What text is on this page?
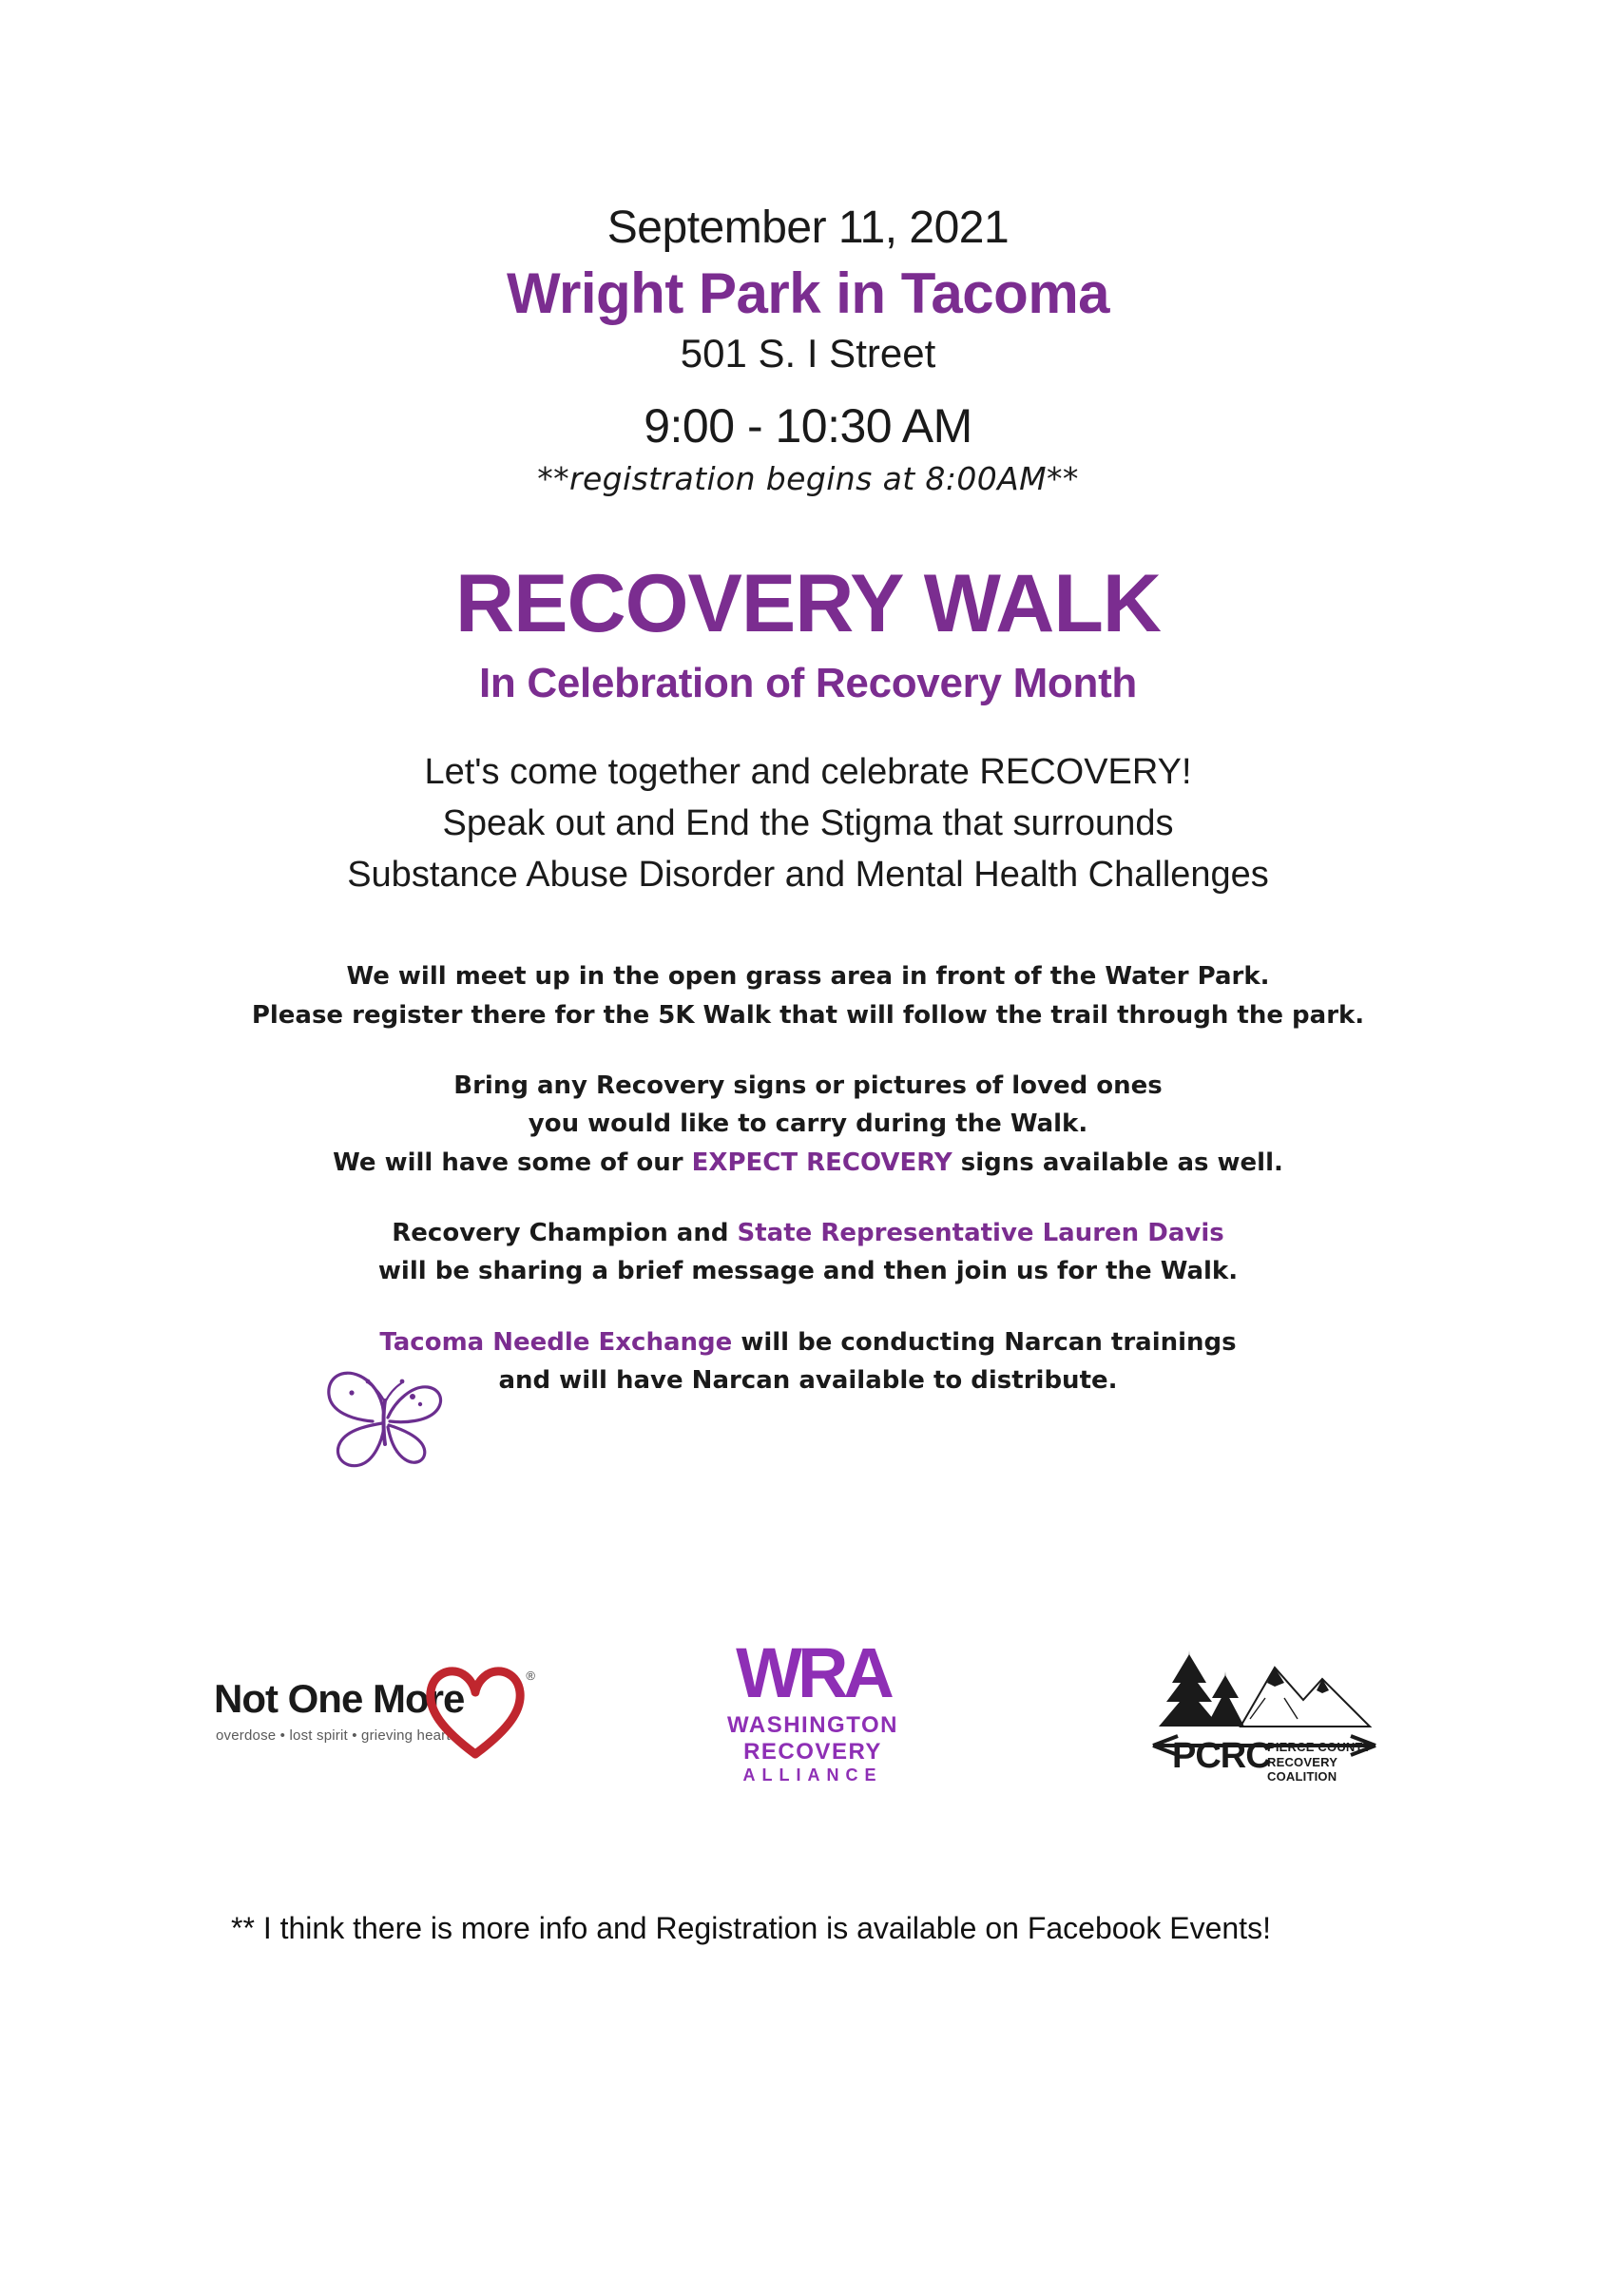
September 11, 2021
Wright Park in Tacoma
501 S. I Street
9:00 - 10:30 AM
**registration begins at 8:00AM**
RECOVERY WALK
In Celebration of Recovery Month
Let's come together and celebrate RECOVERY!
Speak out and End the Stigma that surrounds
Substance Abuse Disorder and Mental Health Challenges
We will meet up in the open grass area in front of the Water Park.
Please register there for the 5K Walk that will follow the trail through the park.
Bring any Recovery signs or pictures of loved ones
you would like to carry during the Walk.
We will have some of our EXPECT RECOVERY signs available as well.
Recovery Champion and State Representative Lauren Davis
will be sharing a brief message and then join us for the Walk.
Tacoma Needle Exchange will be conducting Narcan trainings
and will have Narcan available to distribute.
Not One More
overdose • lost spirit • grieving heart
®	WRA
WASHINGTON
RECOVERY
ALLIANCE	PCRC
PIERCE COUNTY
RECOVERY COALITION
** I think there is more info and Registration is available on Facebook Events!
